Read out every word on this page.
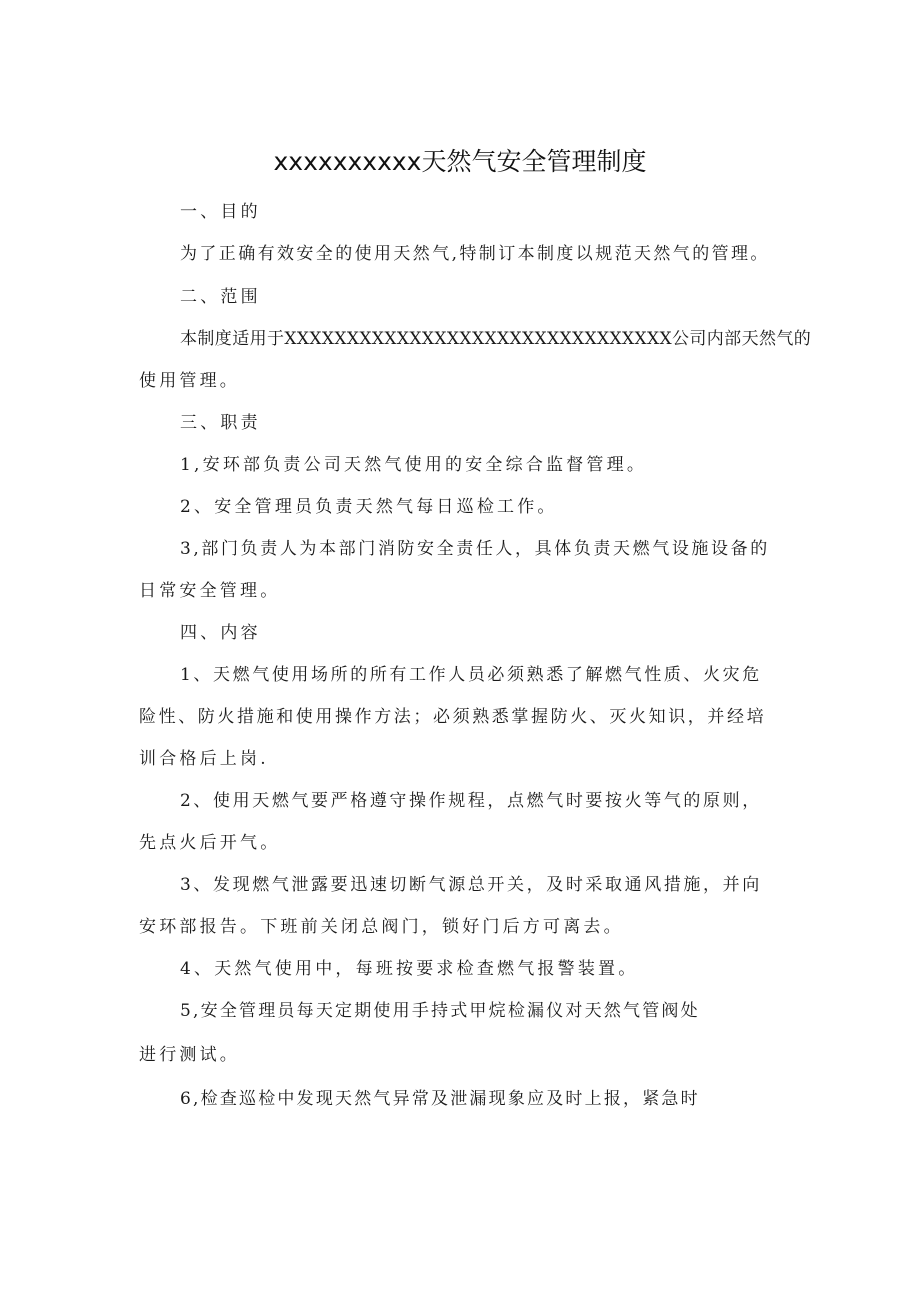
xxxxxxxxxx天然气安全管理制度
一、目的
为了正确有效安全的使用天然气,特制订本制度以规范天然气的管理。
二、范围
本制度适用于XXXXXXXXXXXXXXXXXXXXXXXXXXXXXXX公司内部天然气的
使用管理。
三、职责
1,安环部负责公司天然气使用的安全综合监督管理。
2、安全管理员负责天然气每日巡检工作。
3,部门负责人为本部门消防安全责任人，具体负责天燃气设施设备的
日常安全管理。
四、内容
1、天燃气使用场所的所有工作人员必须熟悉了解燃气性质、火灾危
险性、防火措施和使用操作方法；必须熟悉掌握防火、灭火知识，并经培
训合格后上岗.
2、使用天燃气要严格遵守操作规程，点燃气时要按火等气的原则，
先点火后开气。
3、发现燃气泄露要迅速切断气源总开关，及时采取通风措施，并向
安环部报告。下班前关闭总阀门，锁好门后方可离去。
4、天然气使用中，每班按要求检查燃气报警装置。
5,安全管理员每天定期使用手持式甲烷检漏仪对天然气管阀处
进行测试。
6,检查巡检中发现天然气异常及泄漏现象应及时上报，紧急时
